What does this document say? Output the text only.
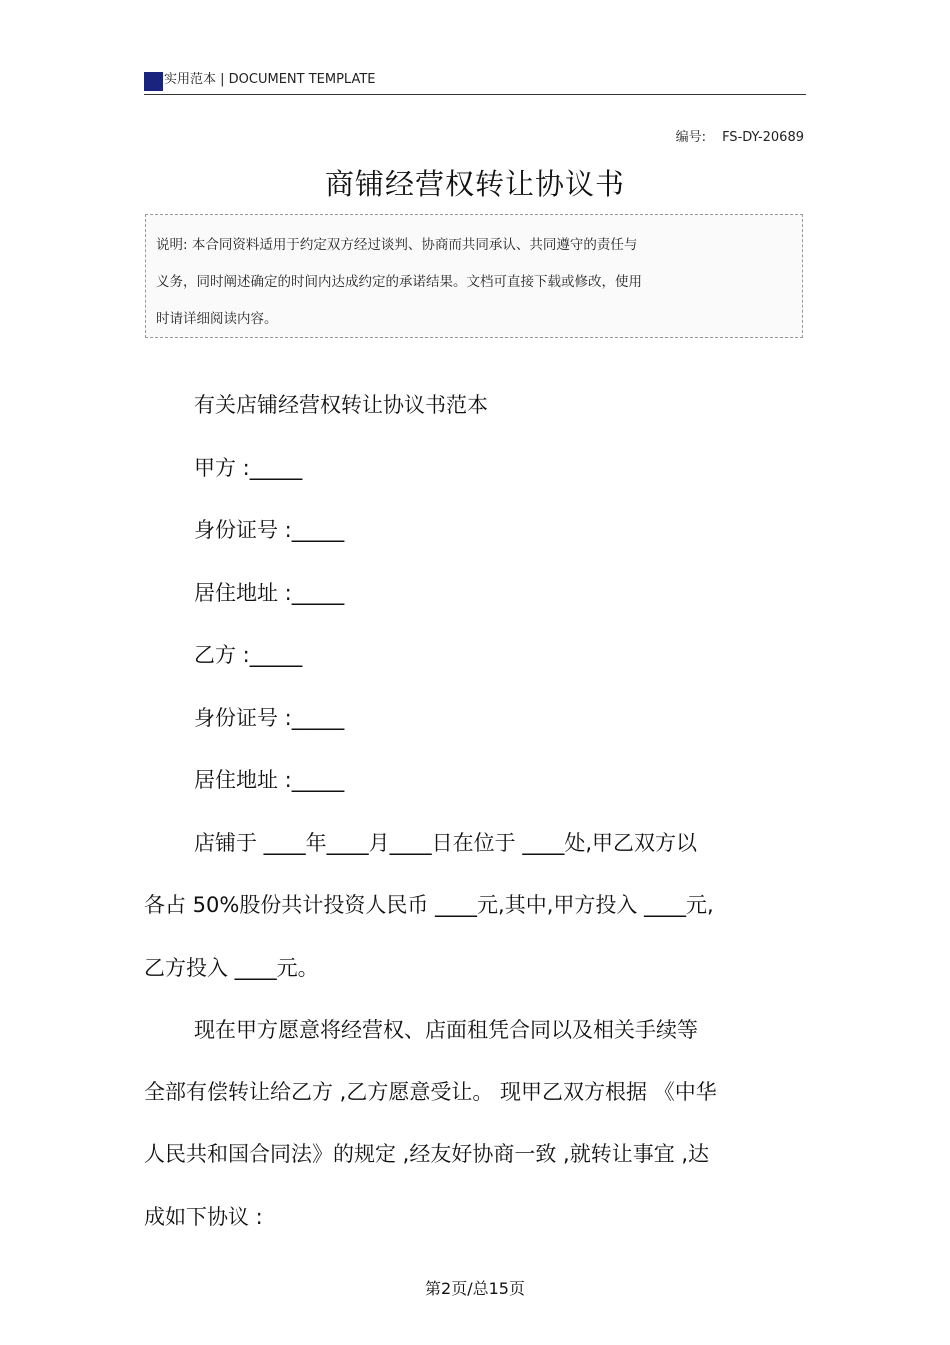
实用范本 | DOCUMENT TEMPLATE
编号: FS-DY-20689
商铺经营权转让协议书
说明: 本合同资料适用于约定双方经过谈判、协商而共同承认、共同遵守的责任与
义务，同时阐述确定的时间内达成约定的承诺结果。文档可直接下载或修改，使用
时请详细阅读内容。
有关店铺经营权转让协议书范本
甲方 :_____
身份证号 :_____
居住地址 :_____
乙方 :_____
身份证号 :_____
居住地址 :_____
店铺于 ____年____月____日在位于 ____处,甲乙双方以
各占 50%股份共计投资人民币 ____元,其中,甲方投入 ____元,
乙方投入 ____元。
现在甲方愿意将经营权、店面租凭合同以及相关手续等
全部有偿转让给乙方 ,乙方愿意受让。 现甲乙双方根据 《中华
人民共和国合同法》的规定 ,经友好协商一致 ,就转让事宜 ,达
成如下协议 :
第2页/总15页
